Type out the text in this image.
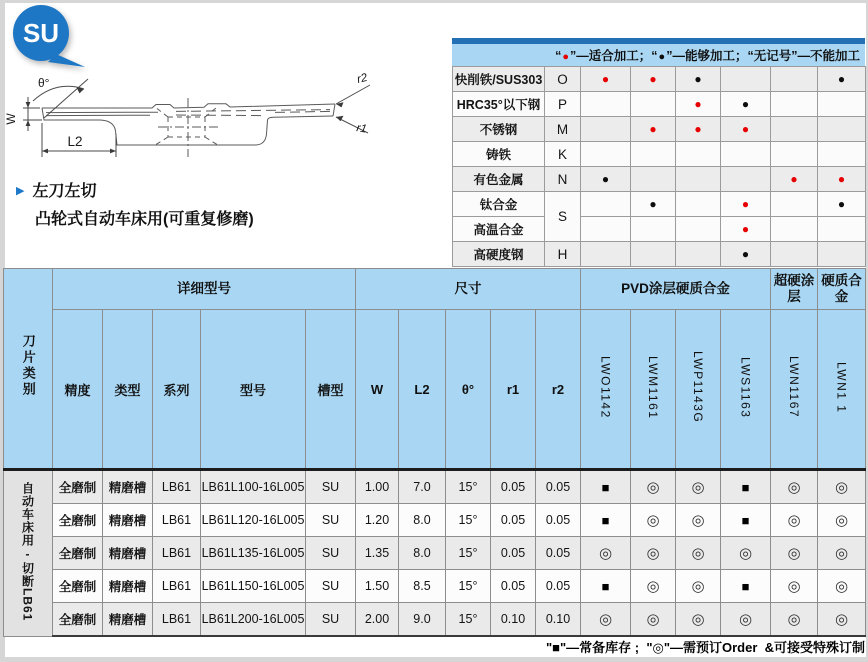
SU
θ°
W
L2
r2
r1
▶ 左刀左切
凸轮式自动车床用(可重复修磨)
“●”—适合加工； “●”—能够加工； “无记号”—不能加工
快削铁/SUS303	O	●	●	●			●
HRC35°以下钢	P			●	●		
不锈钢	M		●	●	●		
铸铁	K						
有色金属	N	●				●	●
钛合金	S		●		●		●
高温合金					●		
高硬度钢	H				●		
刀片类别	详细型号					尺寸					PVD涂层硬质合金				超硬涂层	硬质合金
	精度	类型	系列	型号	槽型	W	L2	θ°	r1	r2	LWO1142	LWM1161	LWP1143G	LWS1163	LWN1167	LWN1 1
自动车床用-切断LB61	全磨制	精磨槽	LB61	LB61L100-16L005	SU	1.00	7.0	15°	0.05	0.05	■	◎	◎	■	◎	◎
	全磨制	精磨槽	LB61	LB61L120-16L005	SU	1.20	8.0	15°	0.05	0.05	■	◎	◎	■	◎	◎
	全磨制	精磨槽	LB61	LB61L135-16L005	SU	1.35	8.0	15°	0.05	0.05	◎	◎	◎	◎	◎	◎
	全磨制	精磨槽	LB61	LB61L150-16L005	SU	1.50	8.5	15°	0.05	0.05	■	◎	◎	■	◎	◎
	全磨制	精磨槽	LB61	LB61L200-16L005	SU	2.00	9.0	15°	0.10	0.10	◎	◎	◎	◎	◎	◎
"■"—常备库存 ;  "◎"—需预订Order  &可接受特殊订制
